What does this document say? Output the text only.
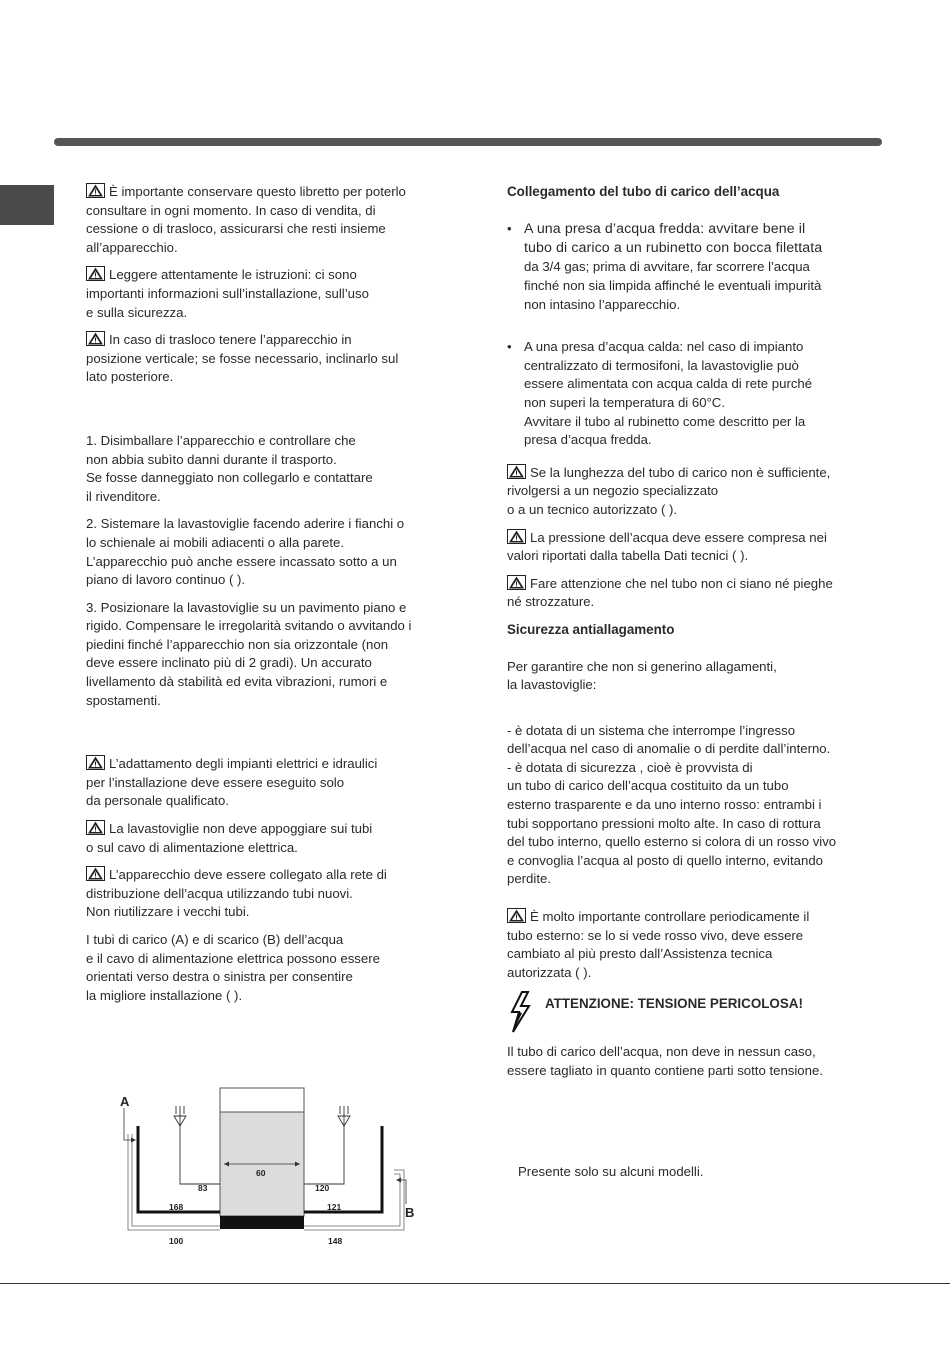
È importante conservare questo libretto per poterlo
consultare in ogni momento. In caso di vendita, di
cessione o di trasloco, assicurarsi che resti insieme
all’apparecchio.

Leggere attentamente le istruzioni: ci sono
importanti informazioni sull’installazione, sull’uso
e sulla sicurezza.

In caso di trasloco tenere l’apparecchio in
posizione verticale; se fosse necessario, inclinarlo sul
lato posteriore.

1. Disimballare l’apparecchio e controllare che
non abbia subìto danni durante il trasporto.
Se fosse danneggiato non collegarlo e contattare
il rivenditore.

2. Sistemare la lavastoviglie facendo aderire i fianchi o
lo schienale ai mobili adiacenti o alla parete.
L’apparecchio può anche essere incassato sotto a un
piano di lavoro continuo ( ).

3. Posizionare la lavastoviglie su un pavimento piano e
rigido. Compensare le irregolarità svitando o avvitando i
piedini finché l’apparecchio non sia orizzontale (non
deve essere inclinato più di 2 gradi). Un accurato
livellamento dà stabilità ed evita vibrazioni, rumori e
spostamenti.

L’adattamento degli impianti elettrici e idraulici
per l’installazione deve essere eseguito solo
da personale qualificato.

La lavastoviglie non deve appoggiare sui tubi
o sul cavo di alimentazione elettrica.

L’apparecchio deve essere collegato alla rete di
distribuzione dell’acqua utilizzando tubi nuovi.
Non riutilizzare i vecchi tubi.

I tubi di carico (A) e di scarico (B) dell’acqua
e il cavo di alimentazione elettrica possono essere
orientati verso destra o sinistra per consentire
la migliore installazione ( ).

Collegamento del tubo di carico dell’acqua

• A una presa d’acqua fredda: avvitare bene il
tubo di carico a un rubinetto con bocca filettata
da 3/4 gas; prima di avvitare, far scorrere l’acqua
finché non sia limpida affinché le eventuali impurità
non intasino l’apparecchio.
• A una presa d’acqua calda: nel caso di impianto
centralizzato di termosifoni, la lavastoviglie può
essere alimentata con acqua calda di rete purché
non superi la temperatura di 60°C.
Avvitare il tubo al rubinetto come descritto per la
presa d’acqua fredda.

Se la lunghezza del tubo di carico non è sufficiente,
rivolgersi a un negozio specializzato
o a un tecnico autorizzato ( ).

La pressione dell’acqua deve essere compresa nei
valori riportati dalla tabella Dati tecnici ( ).

Fare attenzione che nel tubo non ci siano né pieghe
né strozzature.

Sicurezza antiallagamento

Per garantire che non si generino allagamenti,
la lavastoviglie:

- è dotata di un sistema che interrompe l’ingresso
dell’acqua nel caso di anomalie o di perdite dall’interno.

- è dotata di sicurezza , cioè è provvista di
un tubo di carico dell’acqua costituito da un tubo
esterno trasparente e da uno interno rosso: entrambi i
tubi sopportano pressioni molto alte. In caso di rottura
del tubo interno, quello esterno si colora di un rosso vivo
e convoglia l’acqua al posto di quello interno, evitando
perdite.

È molto importante controllare periodicamente il
tubo esterno: se lo si vede rosso vivo, deve essere
cambiato al più presto dall’Assistenza tecnica
autorizzata ( ).

ATTENZIONE: TENSIONE PERICOLOSA!

Il tubo di carico dell’acqua, non deve in nessun caso,
essere tagliato in quanto contiene parti sotto tensione.

Presente solo su alcuni modelli.
A
B
60
83	120
168	121
100	148
